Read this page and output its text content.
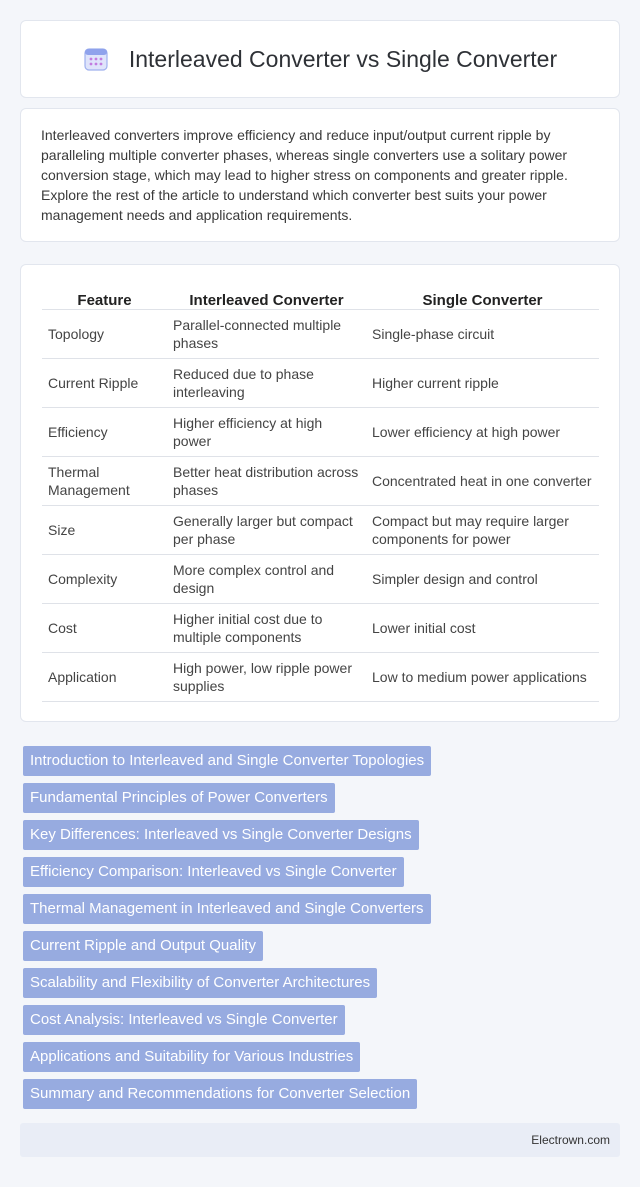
Interleaved Converter vs Single Converter

Interleaved converters improve efficiency and reduce input/output current ripple by paralleling multiple converter phases, whereas single converters use a solitary power conversion stage, which may lead to higher stress on components and greater ripple. Explore the rest of the article to understand which converter best suits your power management needs and application requirements.

Feature	Interleaved Converter	Single Converter
Topology	Parallel-connected multiple phases	Single-phase circuit
Current Ripple	Reduced due to phase interleaving	Higher current ripple
Efficiency	Higher efficiency at high power	Lower efficiency at high power
Thermal Management	Better heat distribution across phases	Concentrated heat in one converter
Size	Generally larger but compact per phase	Compact but may require larger components for power
Complexity	More complex control and design	Simpler design and control
Cost	Higher initial cost due to multiple components	Lower initial cost
Application	High power, low ripple power supplies	Low to medium power applications
Introduction to Interleaved and Single Converter Topologies
Fundamental Principles of Power Converters
Key Differences: Interleaved vs Single Converter Designs
Efficiency Comparison: Interleaved vs Single Converter
Thermal Management in Interleaved and Single Converters
Current Ripple and Output Quality
Scalability and Flexibility of Converter Architectures
Cost Analysis: Interleaved vs Single Converter
Applications and Suitability for Various Industries
Summary and Recommendations for Converter Selection
Electrown.com
